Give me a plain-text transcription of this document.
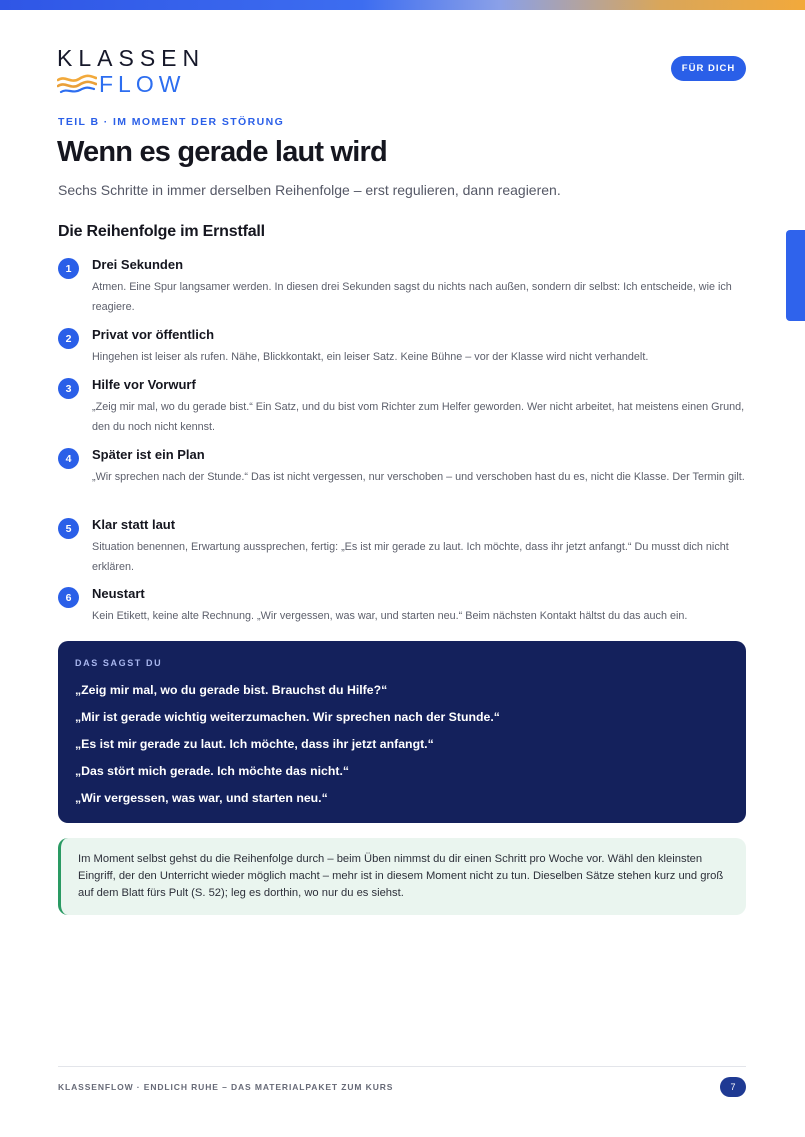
KLASSEN
FLOW
FÜR DICH
TEIL B · IM MOMENT DER STÖRUNG
Wenn es gerade laut wird
Sechs Schritte in immer derselben Reihenfolge – erst regulieren, dann reagieren.
Die Reihenfolge im Ernstfall
1	Drei Sekunden
Atmen. Eine Spur langsamer werden. In diesen drei Sekunden sagst du nichts nach außen, sondern dir selbst: Ich entscheide, wie ich reagiere.
2	Privat vor öffentlich
Hingehen ist leiser als rufen. Nähe, Blickkontakt, ein leiser Satz. Keine Bühne – vor der Klasse wird nicht verhandelt.
3	Hilfe vor Vorwurf
„Zeig mir mal, wo du gerade bist.“ Ein Satz, und du bist vom Richter zum Helfer geworden. Wer nicht arbeitet, hat meistens einen Grund, den du noch nicht kennst.
4	Später ist ein Plan
„Wir sprechen nach der Stunde.“ Das ist nicht vergessen, nur verschoben – und verschoben hast du es, nicht die Klasse. Der Termin gilt.
5	Klar statt laut
Situation benennen, Erwartung aussprechen, fertig: „Es ist mir gerade zu laut. Ich möchte, dass ihr jetzt anfangt.“ Du musst dich nicht erklären.
6	Neustart
Kein Etikett, keine alte Rechnung. „Wir vergessen, was war, und starten neu.“ Beim nächsten Kontakt hältst du das auch ein.
DAS SAGST DU
„Zeig mir mal, wo du gerade bist. Brauchst du Hilfe?“
„Mir ist gerade wichtig weiterzumachen. Wir sprechen nach der Stunde.“
„Es ist mir gerade zu laut. Ich möchte, dass ihr jetzt anfangt.“
„Das stört mich gerade. Ich möchte das nicht.“
„Wir vergessen, was war, und starten neu.“
Im Moment selbst gehst du die Reihenfolge durch – beim Üben nimmst du dir einen Schritt pro Woche vor. Wähl den kleinsten Eingriff, der den Unterricht wieder möglich macht – mehr ist in diesem Moment nicht zu tun. Dieselben Sätze stehen kurz und groß auf dem Blatt fürs Pult (S. 52); leg es dorthin, wo nur du es siehst.
KLASSENFLOW · ENDLICH RUHE – DAS MATERIALPAKET ZUM KURS	7
